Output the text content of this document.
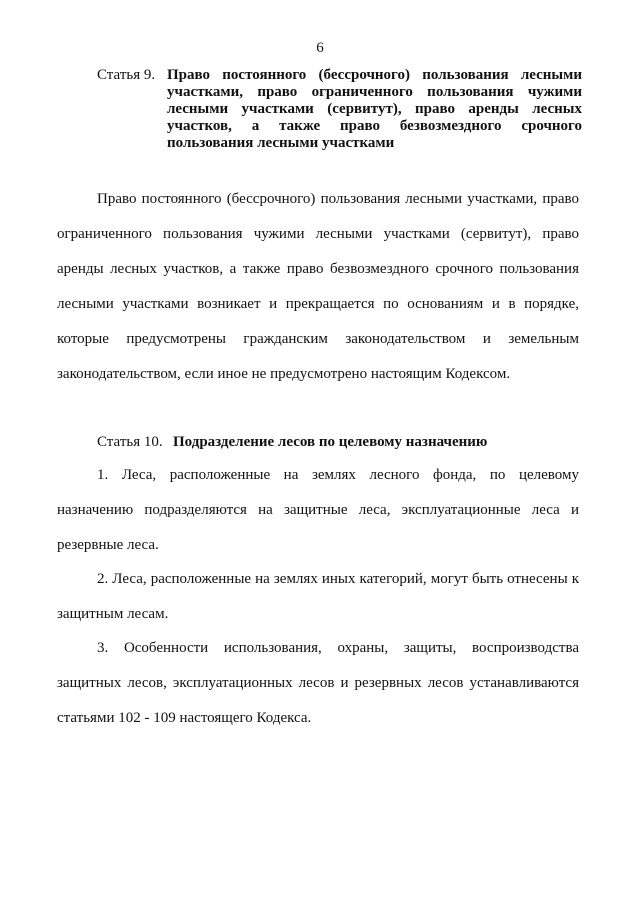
6
Статья 9. Право постоянного (бессрочного) пользования лесными участками, право ограниченного пользования чужими лесными участками (сервитут), право аренды лесных участков, а также право безвозмездного срочного пользования лесными участками
Право постоянного (бессрочного) пользования лесными участками, право ограниченного пользования чужими лесными участками (сервитут), право аренды лесных участков, а также право безвозмездного срочного пользования лесными участками возникает и прекращается по основаниям и в порядке, которые предусмотрены гражданским законодательством и земельным законодательством, если иное не предусмотрено настоящим Кодексом.
Статья 10. Подразделение лесов по целевому назначению
1. Леса, расположенные на землях лесного фонда, по целевому назначению подразделяются на защитные леса, эксплуатационные леса и резервные леса.
2. Леса, расположенные на землях иных категорий, могут быть отнесены к защитным лесам.
3. Особенности использования, охраны, защиты, воспроизводства защитных лесов, эксплуатационных лесов и резервных лесов устанавливаются статьями 102 - 109 настоящего Кодекса.
